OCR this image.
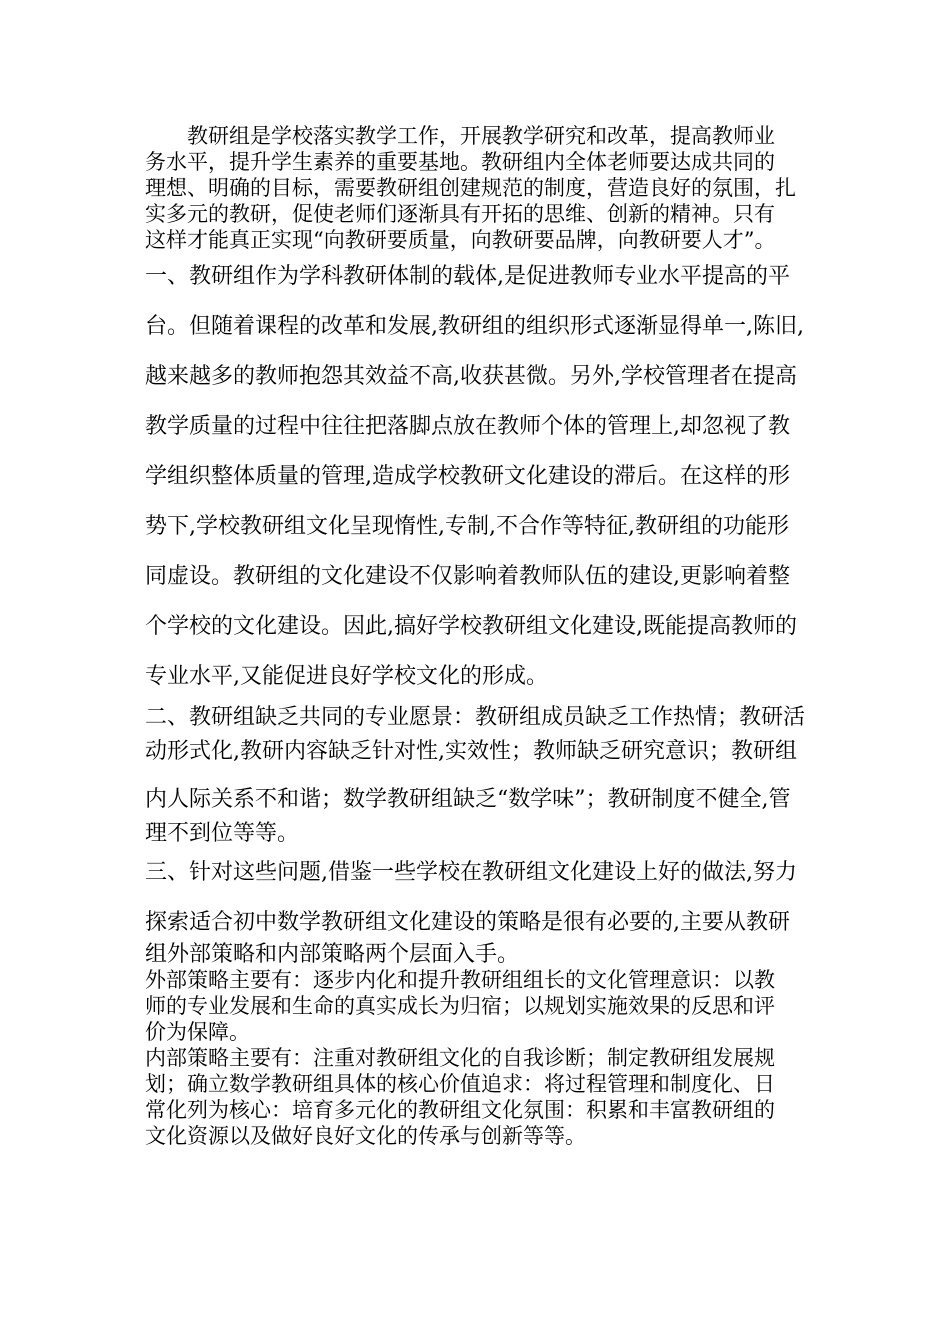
教研组是学校落实教学工作，开展教学研究和改革，提高教师业
务水平，提升学生素养的重要基地。教研组内全体老师要达成共同的
理想、明确的目标，需要教研组创建规范的制度，营造良好的氛围，扎
实多元的教研，促使老师们逐渐具有开拓的思维、创新的精神。只有
这样才能真正实现“向教研要质量，向教研要品牌，向教研要人才”。
一、教研组作为学科教研体制的载体,是促进教师专业水平提高的平
台。但随着课程的改革和发展,教研组的组织形式逐渐显得单一,陈旧,
越来越多的教师抱怨其效益不高,收获甚微。另外,学校管理者在提高
教学质量的过程中往往把落脚点放在教师个体的管理上,却忽视了教
学组织整体质量的管理,造成学校教研文化建设的滞后。在这样的形
势下,学校教研组文化呈现惰性,专制,不合作等特征,教研组的功能形
同虚设。教研组的文化建设不仅影响着教师队伍的建设,更影响着整
个学校的文化建设。因此,搞好学校教研组文化建设,既能提高教师的
专业水平,又能促进良好学校文化的形成。
二、教研组缺乏共同的专业愿景：教研组成员缺乏工作热情；教研活
动形式化,教研内容缺乏针对性,实效性；教师缺乏研究意识；教研组
内人际关系不和谐；数学教研组缺乏“数学味”；教研制度不健全,管
理不到位等等。
三、针对这些问题,借鉴一些学校在教研组文化建设上好的做法,努力
探索适合初中数学教研组文化建设的策略是很有必要的,主要从教研
组外部策略和内部策略两个层面入手。
外部策略主要有：逐步内化和提升教研组组长的文化管理意识：以教
师的专业发展和生命的真实成长为归宿；以规划实施效果的反思和评
价为保障。
内部策略主要有：注重对教研组文化的自我诊断；制定教研组发展规
划；确立数学教研组具体的核心价值追求：将过程管理和制度化、日
常化列为核心：培育多元化的教研组文化氛围：积累和丰富教研组的
文化资源以及做好良好文化的传承与创新等等。
